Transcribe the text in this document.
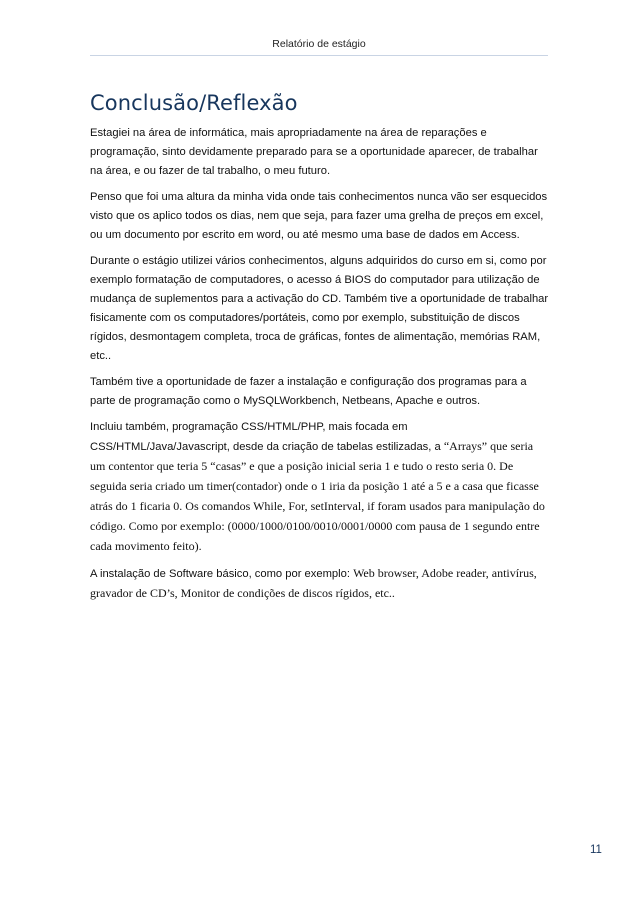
Relatório de estágio
Conclusão/Reflexão

Estagiei na área de informática, mais apropriadamente na área de reparações e programação, sinto devidamente preparado para se a oportunidade aparecer, de trabalhar na área, e ou fazer de tal trabalho, o meu futuro.

Penso que foi uma altura da minha vida onde tais conhecimentos nunca vão ser esquecidos visto que os aplico todos os dias, nem que seja, para fazer uma grelha de preços em excel, ou um documento por escrito em word, ou até mesmo uma base de dados em Access.

Durante o estágio utilizei vários conhecimentos, alguns adquiridos do curso em si, como por exemplo formatação de computadores, o acesso á BIOS do computador para utilização de mudança de suplementos para a activação do CD. Também tive a oportunidade de trabalhar fisicamente com os computadores/portáteis, como por exemplo, substituição de discos rígidos, desmontagem completa, troca de gráficas, fontes de alimentação, memórias RAM, etc..

Também tive a oportunidade de fazer a instalação e configuração dos programas para a parte de programação como o MySQLWorkbench, Netbeans, Apache e outros.

Incluiu também, programação CSS/HTML/PHP, mais focada em CSS/HTML/Java/Javascript, desde da criação de tabelas estilizadas, a “Arrays” que seria um contentor que teria 5 “casas” e que a posição inicial seria 1 e tudo o resto seria 0. De seguida seria criado um timer(contador) onde o 1 iria da posição 1 até a 5 e a casa que ficasse atrás do 1 ficaria 0. Os comandos While, For, setInterval, if foram usados para manipulação do código. Como por exemplo: (0000/1000/0100/0010/0001/0000 com pausa de 1 segundo entre cada movimento feito).

A instalação de Software básico, como por exemplo: Web browser, Adobe reader, antivírus, gravador de CD’s, Monitor de condições de discos rígidos, etc..

11
